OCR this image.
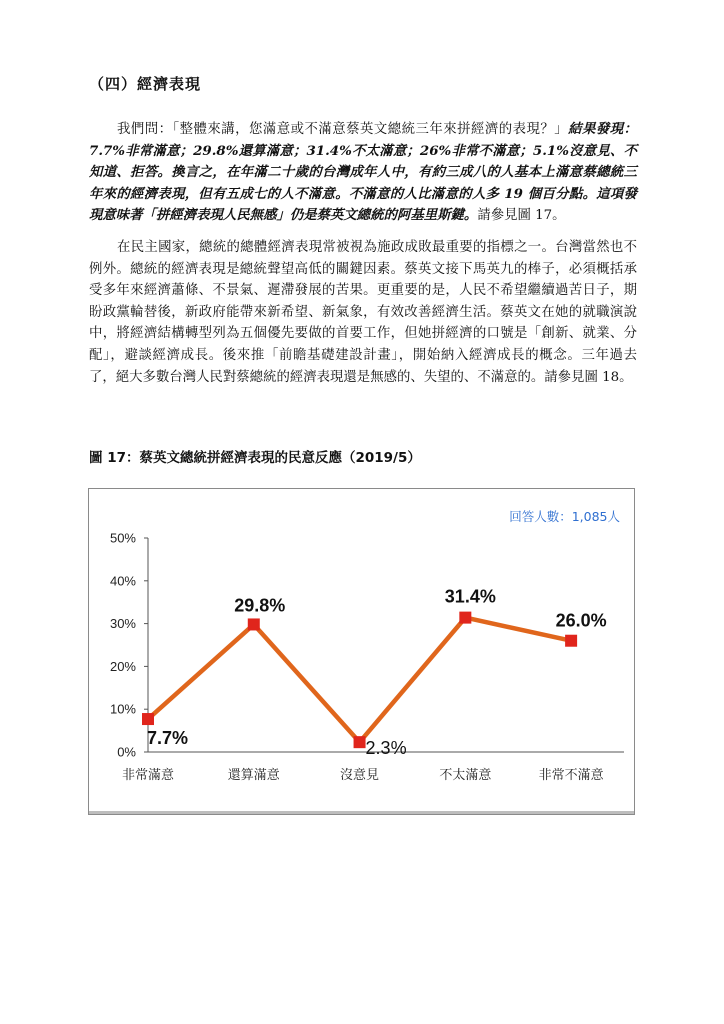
（四）經濟表現

我們問：「整體來講，您滿意或不滿意蔡英文總統三年來拼經濟的表現？」結果發現：7.7%非常滿意；29.8%還算滿意；31.4%不太滿意；26%非常不滿意；5.1%沒意見、不知道、拒答。換言之，在年滿二十歲的台灣成年人中，有約三成八的人基本上滿意蔡總統三年來的經濟表現，但有五成七的人不滿意。不滿意的人比滿意的人多 19 個百分點。這項發現意味著「拼經濟表現人民無感」仍是蔡英文總統的阿基里斯鍵。請參見圖 17。

在民主國家，總統的總體經濟表現常被視為施政成敗最重要的指標之一。台灣當然也不例外。總統的經濟表現是總統聲望高低的關鍵因素。蔡英文接下馬英九的棒子，必須概括承受多年來經濟蕭條、不景氣、遲滯發展的苦果。更重要的是，人民不希望繼續過苦日子，期盼政黨輪替後，新政府能帶來新希望、新氣象，有效改善經濟生活。蔡英文在她的就職演說中，將經濟結構轉型列為五個優先要做的首要工作，但她拼經濟的口號是「創新、就業、分配」，避談經濟成長。後來推「前瞻基礎建設計畫」，開始納入經濟成長的概念。三年過去了，絕大多數台灣人民對蔡總統的經濟表現還是無感的、失望的、不滿意的。請參見圖 18。

圖 17：蔡英文總統拼經濟表現的民意反應（2019/5）
回答人數：1,085人
0%
10%
20%
30%
40%
50%
非常滿意	還算滿意	沒意見	不太滿意	非常不滿意
7.7%
29.8%
2.3%
31.4%
26.0%
